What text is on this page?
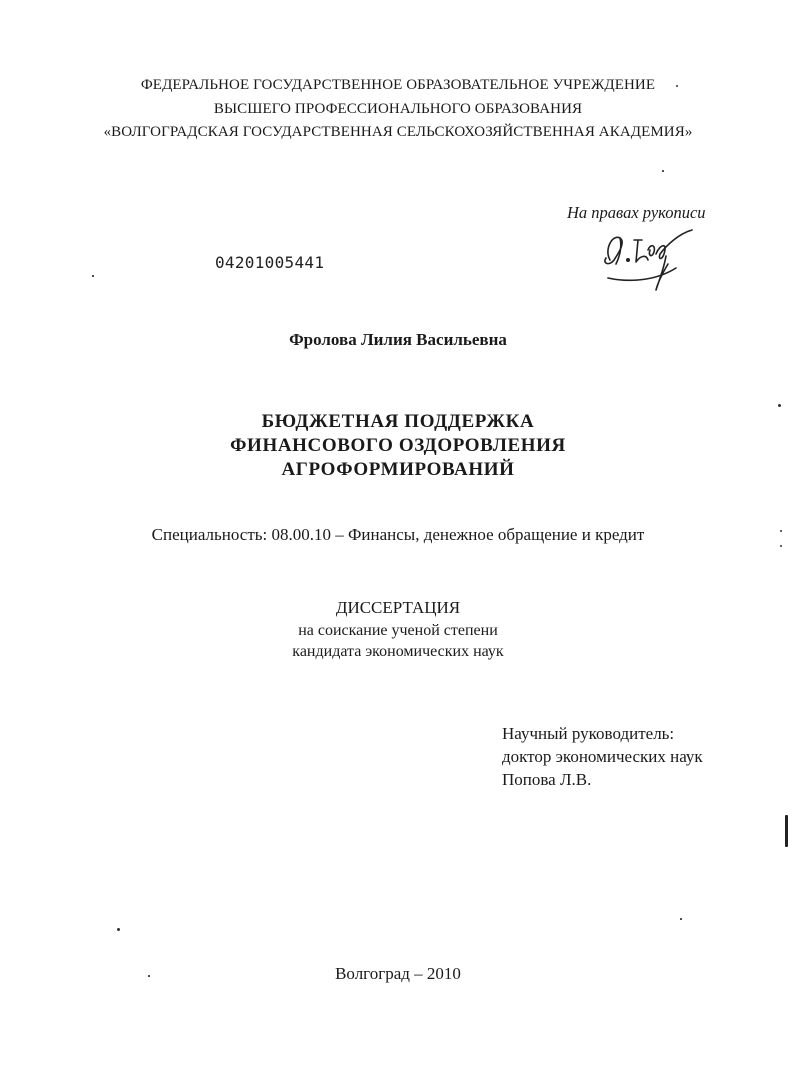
ФЕДЕРАЛЬНОЕ ГОСУДАРСТВЕННОЕ ОБРАЗОВАТЕЛЬНОЕ УЧРЕЖДЕНИЕ
ВЫСШЕГО ПРОФЕССИОНАЛЬНОГО ОБРАЗОВАНИЯ
«ВОЛГОГРАДСКАЯ ГОСУДАРСТВЕННАЯ СЕЛЬСКОХОЗЯЙСТВЕННАЯ АКАДЕМИЯ»
На правах рукописи
04201005441
Фролова Лилия Васильевна
БЮДЖЕТНАЯ ПОДДЕРЖКА
ФИНАНСОВОГО ОЗДОРОВЛЕНИЯ
АГРОФОРМИРОВАНИЙ
Специальность: 08.00.10 – Финансы, денежное обращение и кредит
ДИССЕРТАЦИЯ
на соискание ученой степени
кандидата экономических наук
Научный руководитель:
доктор экономических наук
Попова Л.В.
Волгоград – 2010
